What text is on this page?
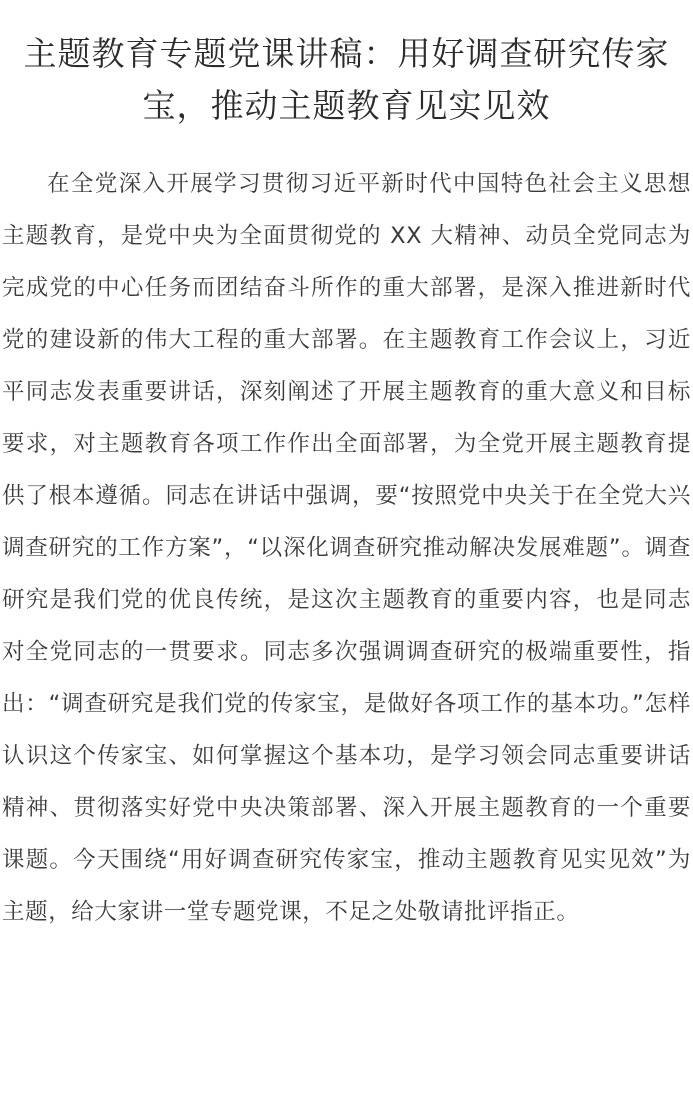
主题教育专题党课讲稿：用好调查研究传家宝，推动主题教育见实见效

在全党深入开展学习贯彻习近平新时代中国特色社会主义思想主题教育，是党中央为全面贯彻党的 XX 大精神、动员全党同志为完成党的中心任务而团结奋斗所作的重大部署，是深入推进新时代党的建设新的伟大工程的重大部署。在主题教育工作会议上，习近平同志发表重要讲话，深刻阐述了开展主题教育的重大意义和目标要求，对主题教育各项工作作出全面部署，为全党开展主题教育提供了根本遵循。同志在讲话中强调，要“按照党中央关于在全党大兴调查研究的工作方案”，“以深化调查研究推动解决发展难题”。调查研究是我们党的优良传统，是这次主题教育的重要内容，也是同志对全党同志的一贯要求。同志多次强调调查研究的极端重要性，指出：“调查研究是我们党的传家宝，是做好各项工作的基本功。”怎样认识这个传家宝、如何掌握这个基本功，是学习领会同志重要讲话精神、贯彻落实好党中央决策部署、深入开展主题教育的一个重要课题。今天围绕“用好调查研究传家宝，推动主题教育见实见效”为主题，给大家讲一堂专题党课，不足之处敬请批评指正。
